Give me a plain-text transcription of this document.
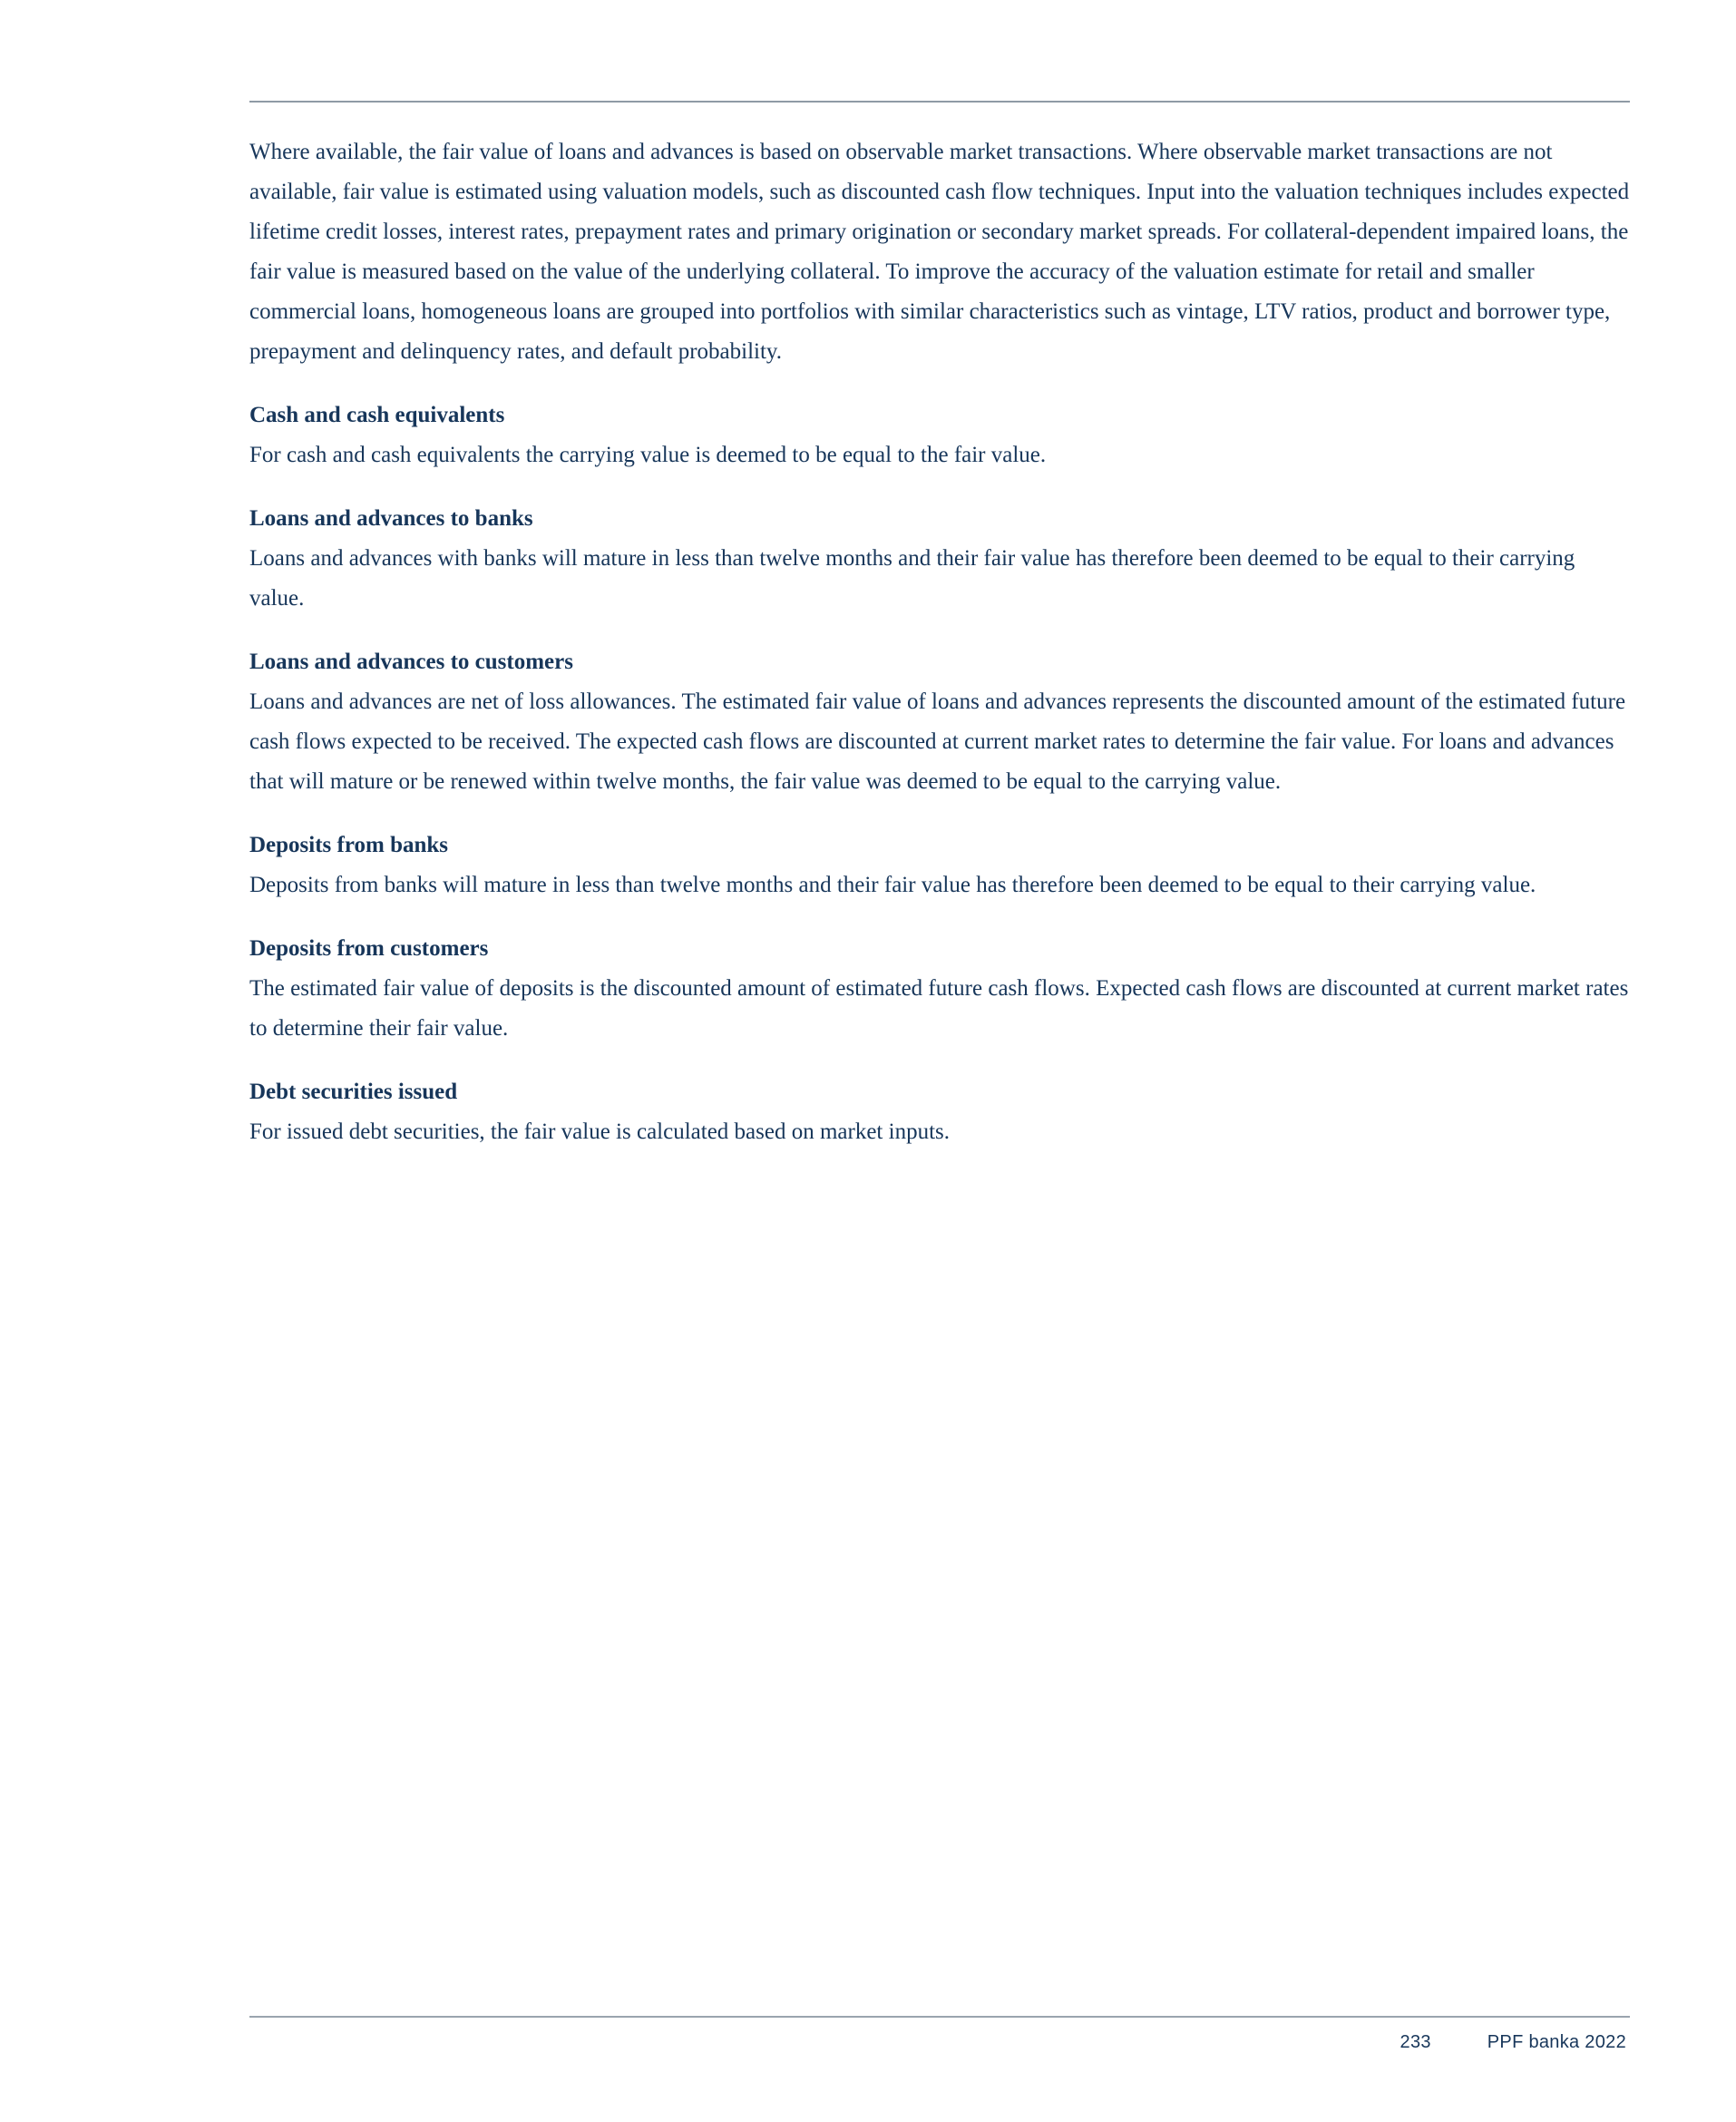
Where available, the fair value of loans and advances is based on observable market transactions. Where observable market transactions are not available, fair value is estimated using valuation models, such as discounted cash flow techniques. Input into the valuation techniques includes expected lifetime credit losses, interest rates, prepayment rates and primary origination or secondary market spreads. For collateral-dependent impaired loans, the fair value is measured based on the value of the underlying collateral. To improve the accuracy of the valuation estimate for retail and smaller commercial loans, homogeneous loans are grouped into portfolios with similar characteristics such as vintage, LTV ratios, product and borrower type, prepayment and delinquency rates, and default probability.

Cash and cash equivalents

For cash and cash equivalents the carrying value is deemed to be equal to the fair value.

Loans and advances to banks

Loans and advances with banks will mature in less than twelve months and their fair value has therefore been deemed to be equal to their carrying value.

Loans and advances to customers

Loans and advances are net of loss allowances. The estimated fair value of loans and advances represents the discounted amount of the estimated future cash flows expected to be received. The expected cash flows are discounted at current market rates to determine the fair value. For loans and advances that will mature or be renewed within twelve months, the fair value was deemed to be equal to the carrying value.

Deposits from banks

Deposits from banks will mature in less than twelve months and their fair value has therefore been deemed to be equal to their carrying value.

Deposits from customers

The estimated fair value of deposits is the discounted amount of estimated future cash flows. Expected cash flows are discounted at current market rates to determine their fair value.

Debt securities issued

For issued debt securities, the fair value is calculated based on market inputs.

233	PPF banka 2022
